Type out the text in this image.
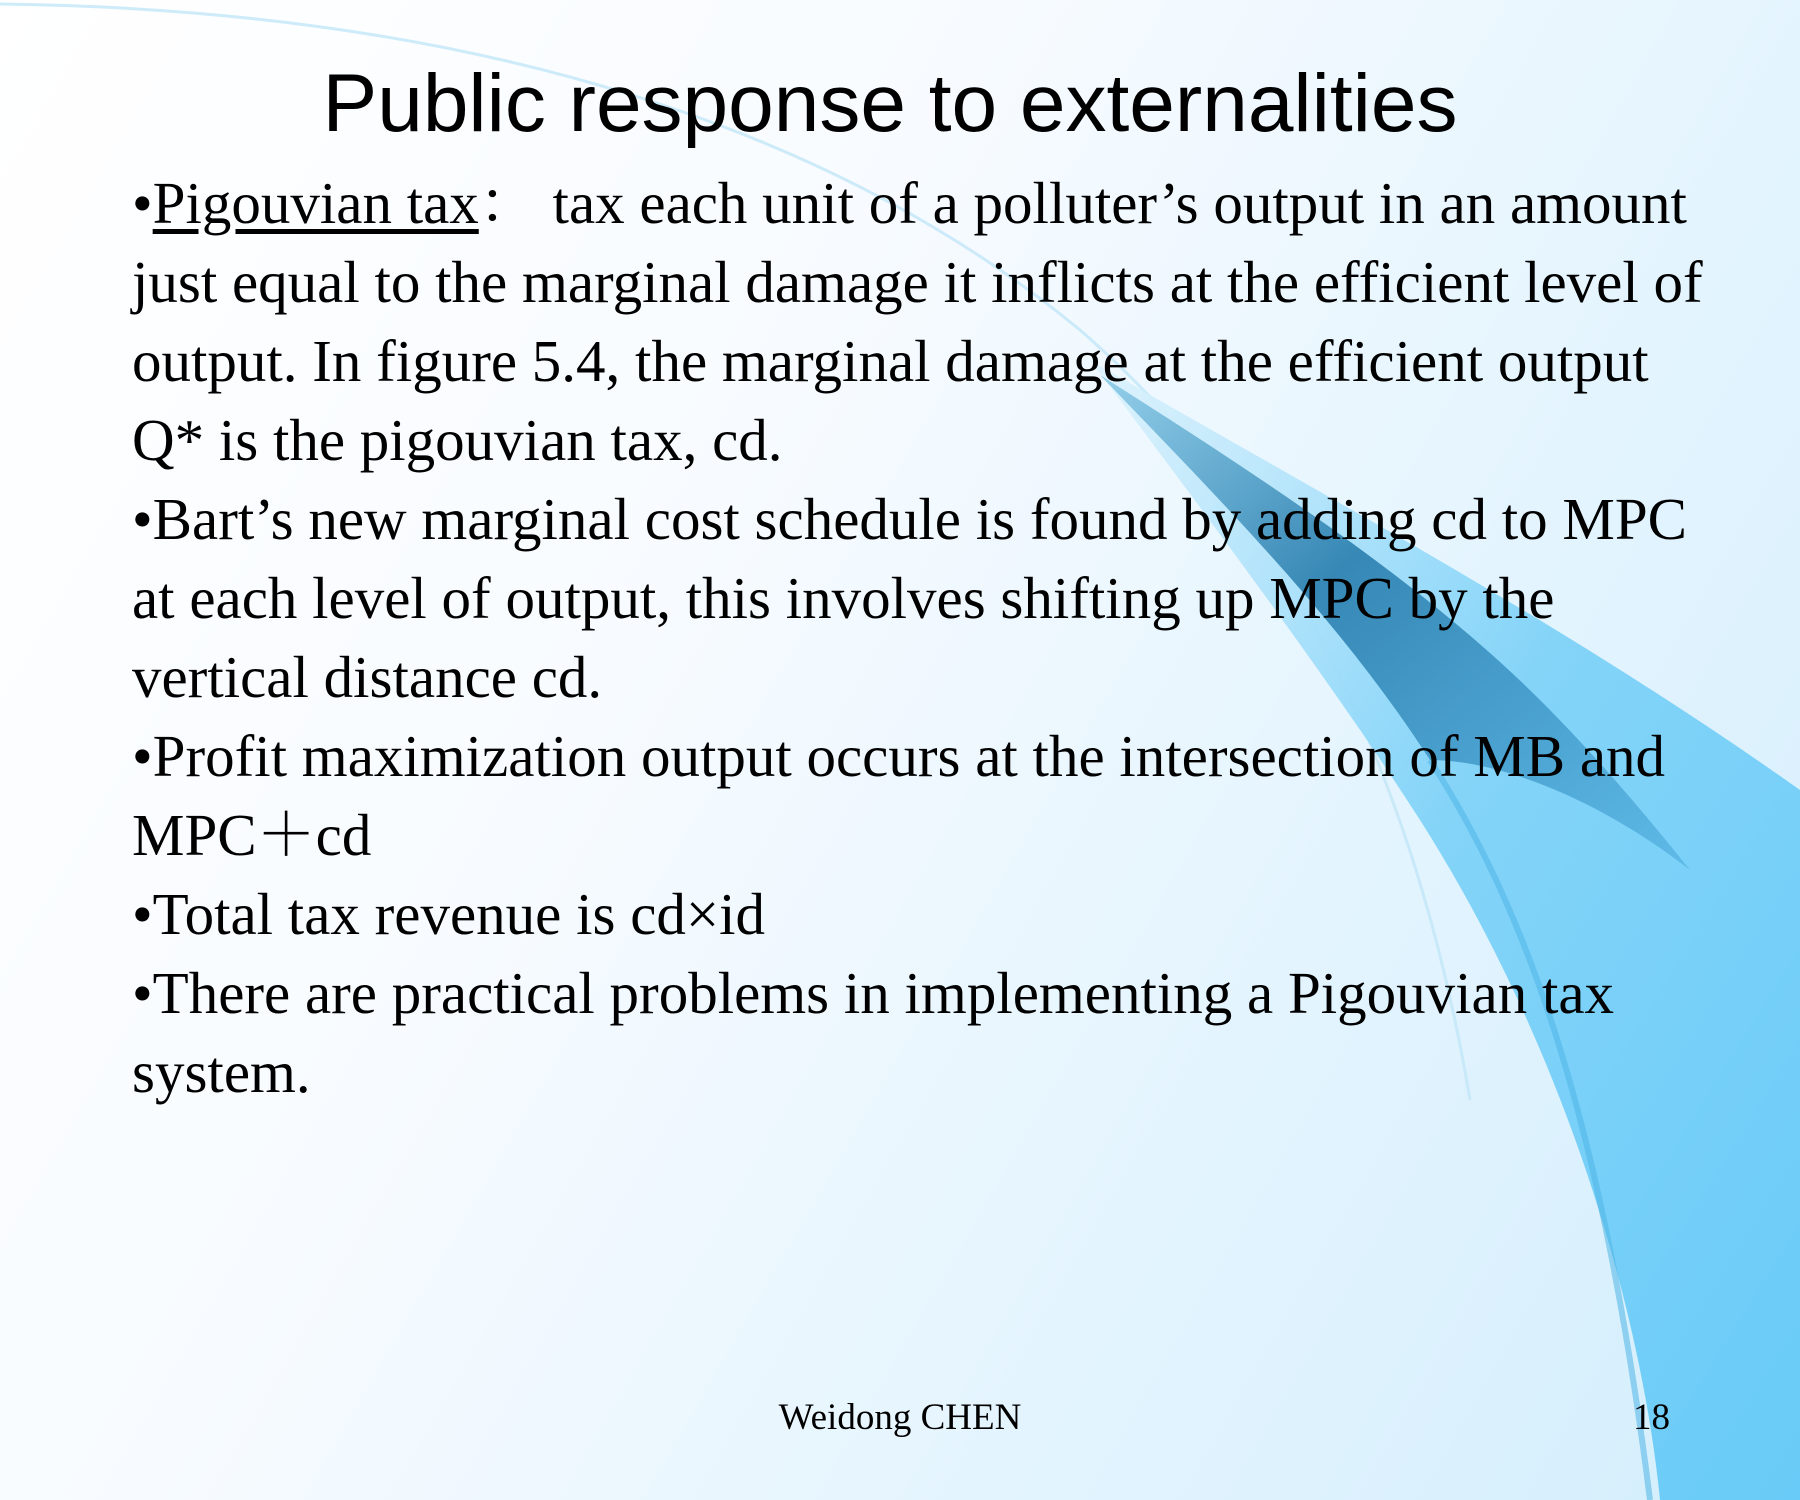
Public response to externalities

•Pigouvian tax： tax each unit of a polluter’s output in an amount just equal to the marginal damage it inflicts at the efficient level of output. In figure 5.4, the marginal damage at the efficient output Q* is the pigouvian tax, cd.

•Bart’s new marginal cost schedule is found by adding cd to MPC at each level of output, this involves shifting up MPC by the vertical distance cd.

•Profit maximization output occurs at the intersection of MB and MPC＋cd

•Total tax revenue is cd×id

•There are practical problems in implementing a Pigouvian tax system.

Weidong CHEN	18
